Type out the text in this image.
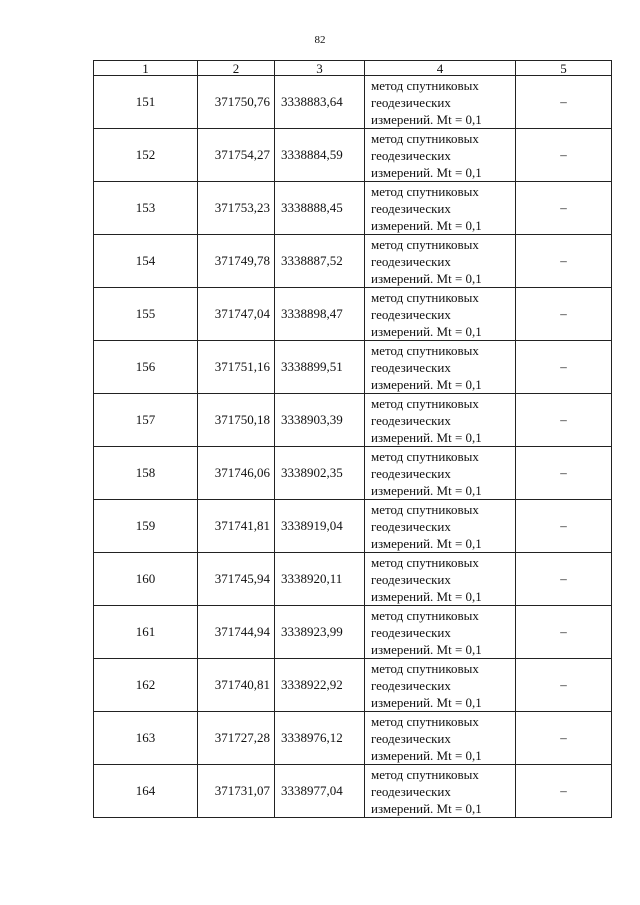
82
1	2	3	4	5
151	371750,76	3338883,64	метод спутниковых
геодезических
измерений. Mt = 0,1	–
152	371754,27	3338884,59	метод спутниковых
геодезических
измерений. Mt = 0,1	–
153	371753,23	3338888,45	метод спутниковых
геодезических
измерений. Mt = 0,1	–
154	371749,78	3338887,52	метод спутниковых
геодезических
измерений. Mt = 0,1	–
155	371747,04	3338898,47	метод спутниковых
геодезических
измерений. Mt = 0,1	–
156	371751,16	3338899,51	метод спутниковых
геодезических
измерений. Mt = 0,1	–
157	371750,18	3338903,39	метод спутниковых
геодезических
измерений. Mt = 0,1	–
158	371746,06	3338902,35	метод спутниковых
геодезических
измерений. Mt = 0,1	–
159	371741,81	3338919,04	метод спутниковых
геодезических
измерений. Mt = 0,1	–
160	371745,94	3338920,11	метод спутниковых
геодезических
измерений. Mt = 0,1	–
161	371744,94	3338923,99	метод спутниковых
геодезических
измерений. Mt = 0,1	–
162	371740,81	3338922,92	метод спутниковых
геодезических
измерений. Mt = 0,1	–
163	371727,28	3338976,12	метод спутниковых
геодезических
измерений. Mt = 0,1	–
164	371731,07	3338977,04	метод спутниковых
геодезических
измерений. Mt = 0,1	–
